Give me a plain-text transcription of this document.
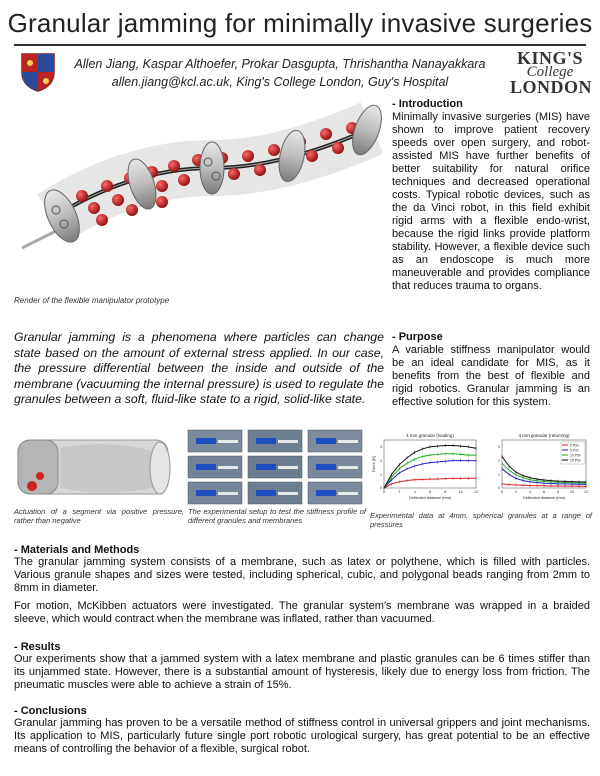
Granular jamming for minimally invasive surgeries
Allen Jiang, Kaspar Althoefer, Prokar Dasgupta, Thrishantha Nanayakkara
allen.jiang@kcl.ac.uk, King's College London, Guy's Hospital
KING'S
College
LONDON
Render of the flexible manipulator prototype
- Introduction
Minimally invasive surgeries (MIS) have shown to improve patient recovery speeds over open surgery, and robot-assisted MIS have further benefits of better suitability for natural orifice techniques and decreased operational costs. Typical robotic devices, such as the da Vinci robot, in this field exhibit rigid arms with a flexible endo-wrist, because the rigid links provide platform stability. However, a flexible device such as an endoscope is much more maneuverable and provides compliance that reduces trauma to organs.
- Purpose
A variable stiffness manipulator would be an ideal candidate for MIS, as it benefits from the best of flexible and rigid robotics. Granular jamming is an effective solution for this system.
Granular jamming is a phenomena where particles can change state based on the amount of external stress applied. In our case, the pressure differential between the inside and outside of the membrane (vacuuming the internal pressure) is used to regulate the granules between a soft, fluid-like state to a rigid, solid-like state.
4 mm granular (loading)
Deflection distance (mm)
Force (N)
0	2	4	6	8	10	12
0
1
2
3
4 mm granular (returning)
Deflection distance (mm)
0	2	4	6	8	10	12
0
1
2
3	0 PSI
5 PSI
10 PSI
15 PSI
Actuation of a segment via positive pressure, rather than negative
The experimental setup to test the stiffness profile of different granules and membranes
Experimental data at 4mm, spherical granules at a range of pressures
- Materials and Methods
The granular jamming system consists of a membrane, such as latex or polythene, which is filled with particles. Various granule shapes and sizes were tested, including spherical, cubic, and polygonal beads ranging from 2mm to 8mm in diameter.
For motion, McKibben actuators were investigated. The granular system's membrane was wrapped in a braided sleeve, which would contract when the membrane was inflated, rather than vacuumed.
- Results
Our experiments show that a jammed system with a latex membrane and plastic granules can be 6 times stiffer than its unjammed state. However, there is a substantial amount of hysteresis, likely due to energy loss from friction. The pneumatic muscles were able to achieve a strain of 15%.
- Conclusions
Granular jamming has proven to be a versatile method of stiffness control in universal grippers and joint mechanisms. Its application to MIS, particularly future single port robotic urological surgery, has great potential to be an effective means of controlling the behavior of a flexible, surgical robot.
